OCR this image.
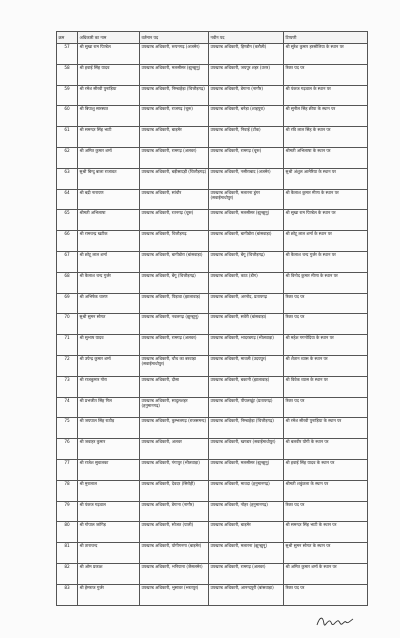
क्रम	अधिकारी का नाम	वर्तमान पद	नवीन पद	टिप्पणी
57	श्री सुखा राम पिण्डेल	उपखण्ड अधिकारी, रूपनगढ़ (अजमेर)	उपखण्ड अधिकारी, हिण्डौन (करौली)	श्री सुरेश कुमार हरसोलिया के स्थान पर
58	श्री हवाई सिंह यादव	उपखण्ड अधिकारी, मलसीसर (झुन्झुनू)	उपखण्ड अधिकारी, जयपुर शहर (उत्तर)	रिक्त पद पर
59	श्री रमेश सीरवी पुनाड़िया	उपखण्ड अधिकारी, निम्बाहेड़ा (चित्तौड़गढ़)	उपखण्ड अधिकारी, डेगाना (नागौर)	श्री पंकज गढ़वाल के स्थान पर
60	श्री बिपाशु सारस्वत	उपखण्ड अधिकारी, राजगढ़ (चूरू)	उपखण्ड अधिकारी, बनेड़ा (शाहपुरा)	श्री सुनील सिंह छीपा के स्थान पर
61	श्री समन्दर सिंह भाटी	उपखण्ड अधिकारी, बाड़मेर	उपखण्ड अधिकारी, निवाई (टोंक)	श्री रवि लाल सिंह के स्थान पर
62	श्री अमित कुमार शर्मा	उपखण्ड अधिकारी, रामगढ़ (अलवर)	उपखण्ड अधिकारी, रामगढ़ (चूरू)	श्रीमती अभिलाषा के स्थान पर
63	सुश्री बिन्दु बाला राजावत	उपखण्ड अधिकारी, बड़ीसादड़ी (चित्तौड़गढ़)	उपखण्ड अधिकारी, नसीराबाद (अजमेर)	सुश्री अंशुल आमेरिया के स्थान पर
64	श्री बद्री नारायण	उपखण्ड अधिकारी, सांचौर	उपखण्ड अधिकारी, मलारना डूंगर (सवाईमाधोपुर)	श्री कैलाश कुमार मीणा के स्थान पर
65	श्रीमती अभिलाषा	उपखण्ड अधिकारी, रतनगढ़ (चूरू)	उपखण्ड अधिकारी, मलसीसर (झुन्झुनू)	श्री सुखा राम पिण्डेल के स्थान पर
66	श्री रामचन्द्र खटीक	उपखण्ड अधिकारी, चित्तौड़गढ़	उपखण्ड अधिकारी, बागीडोरा (बांसवाड़ा)	श्री छोटू लाल शर्मा के स्थान पर
67	श्री छोटू लाल शर्मा	उपखण्ड अधिकारी, बागीडोरा (बांसवाड़ा)	उपखण्ड अधिकारी, बेंगू (चित्तौड़गढ़)	श्री कैलाश चन्द गुर्जर के स्थान पर
68	श्री कैलाश चन्द गुर्जर	उपखण्ड अधिकारी, बेंगू (चित्तौड़गढ़)	उपखण्ड अधिकारी, काठ (डीग)	श्री विनोद कुमार मीणा के स्थान पर
69	श्री अभिषेक चारण	उपखण्ड अधिकारी, पिड़ावा (झालावाड़)	उपखण्ड अधिकारी, अरनोद, प्रतापगढ़	रिक्त पद पर
70	सुश्री सुमन सोगत	उपखण्ड अधिकारी, नवलगढ़ (झुन्झुनू)	उपखण्ड अधिकारी, सवेरी (बांसवाड़ा)	रिक्त पद पर
71	श्री सुभाष यादव	उपखण्ड अधिकारी, रामगढ़ (अलवर)	उपखण्ड अधिकारी, भादरडगढ़ (भीलवाड़ा)	श्री महेश गगनोदिया के स्थान पर
72	श्री उपेन्द्र कुमार शर्मा	उपखण्ड अधिकारी, चौथ का बरवाड़ा (सवाईमाधोपुर)	उपखण्ड अधिकारी, मावली (उदयपुर)	श्री शैतान व्यास के स्थान पर
73	श्री राजकुमार गोरा	उपखण्ड अधिकारी, दौसा	उपखण्ड अधिकारी, बकानी (झालावाड़)	श्री विवेक व्यास के स्थान पर
74	श्री प्रभजीत सिंह गिल	उपखण्ड अधिकारी, सादुलशहर (हनुमानगढ़)	उपखण्ड अधिकारी, पीपलखूंट (प्रतापगढ़)	रिक्त पद पर
75	श्री जयपाल सिंह राठौड़	उपखण्ड अधिकारी, कुम्भलगढ़ (राजसमन्द)	उपखण्ड अधिकारी, निम्बाहेड़ा (चित्तौड़गढ़)	श्री रमेश सीरवी पुनाड़िया के स्थान पर
76	श्री जवाहर कुमार	उपखण्ड अधिकारी, अलवर	उपखण्ड अधिकारी, खण्डार (सवाईमाधोपुर)	श्री बलवीर योगी के स्थान पर
77	श्री राजेश सुवालका	उपखण्ड अधिकारी, गंगापुर (भीलवाड़ा)	उपखण्ड अधिकारी, मलसीसर (झुन्झुनू)	श्री हवाई सिंह यादव के स्थान पर
78	श्री मुरालाल	उपखण्ड अधिकारी, देवदर (सिरोही)	उपखण्ड अधिकारी, मावदा (हनुमानगढ़)	श्रीमती शकुंतला के स्थान पर
79	श्री पंकज गढ़वाल	उपखण्ड अधिकारी, डेगाना (नागौर)	उपखण्ड अधिकारी, नोहर (हनुमानगढ़)	रिक्त पद पर
80	श्री गोपाल जांगिड़	उपखण्ड अधिकारी, सोजत (पाली)	उपखण्ड अधिकारी, बाड़मेर	श्री समन्दर सिंह भाटी के स्थान पर
81	श्री ताराचन्द	उपखण्ड अधिकारी, योगीगनगा (बाड़मेर)	उपखण्ड अधिकारी, मलारना (झुन्झुनू)	सुश्री सुमन सोगत के स्थान पर
82	श्री ओम प्रकाश	उपखण्ड अधिकारी, भनियाना (जैसलमेर)	उपखण्ड अधिकारी, रामगढ़ (अलवर)	श्री अमित कुमार शर्मा के स्थान पर
83	श्री हेमराज गुर्जर	उपखण्ड अधिकारी, भुसावर (भरतपुर)	उपखण्ड अधिकारी, आनन्दपुरी (बांसवाड़ा)	रिक्त पद पर
